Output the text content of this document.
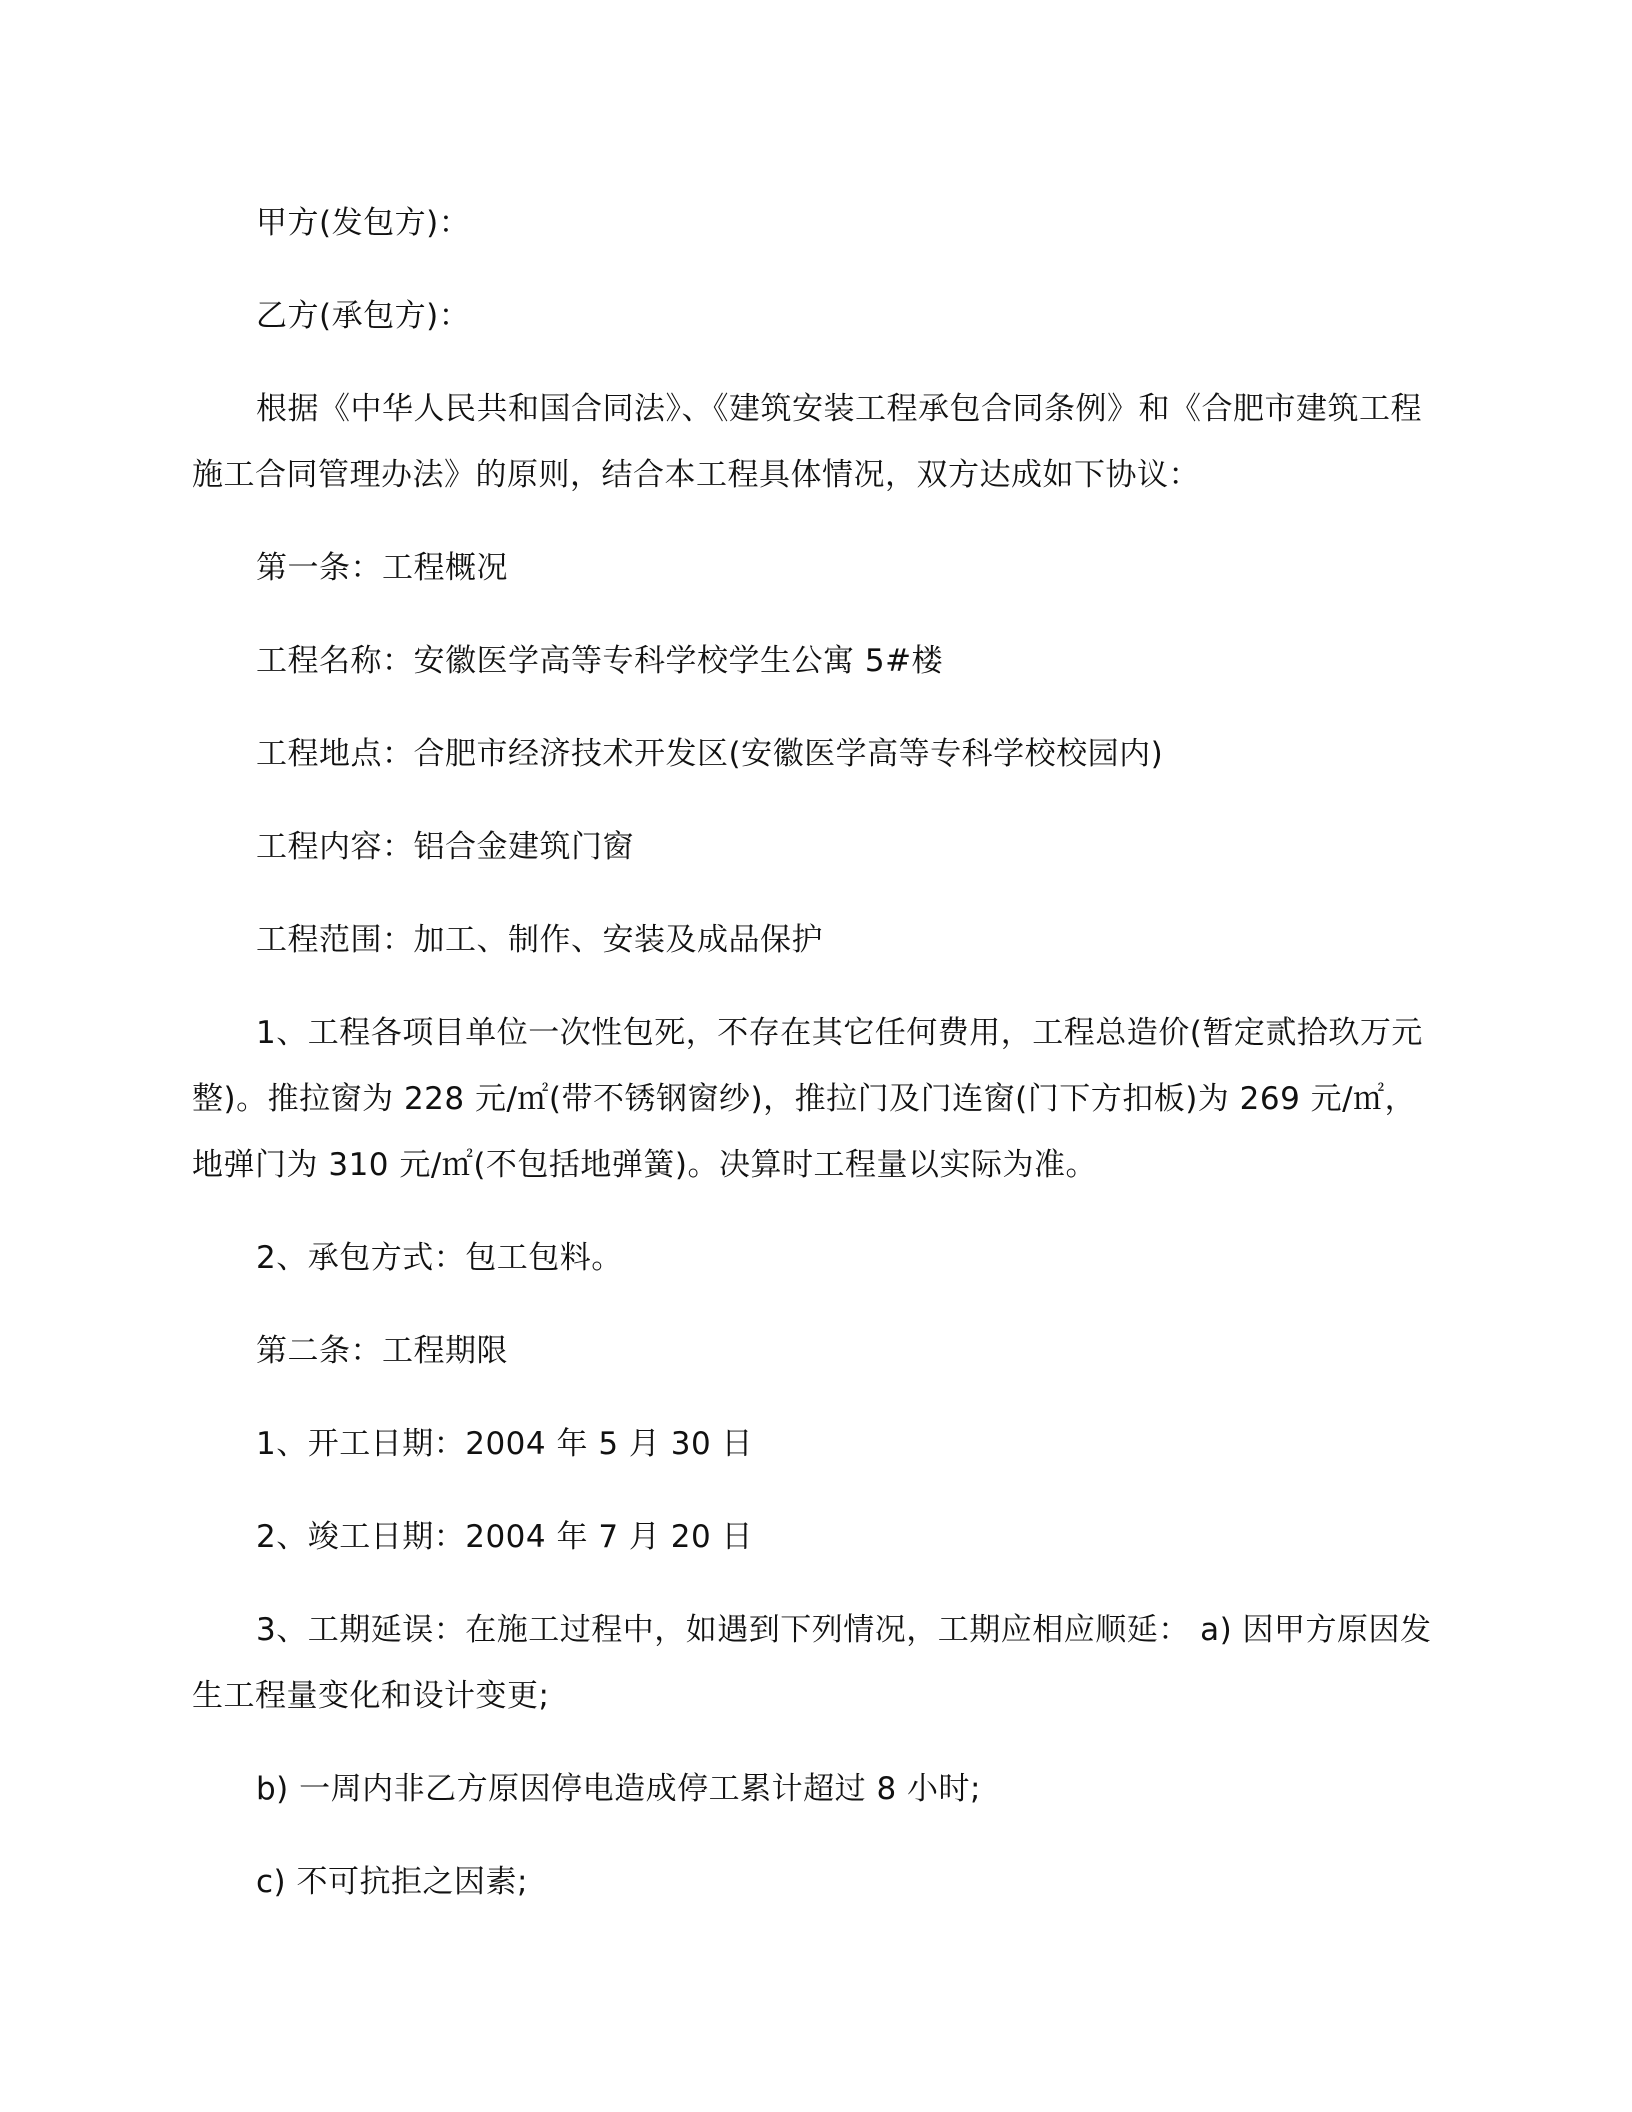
甲方(发包方)：

乙方(承包方)：

根据《中华人民共和国合同法》、《建筑安装工程承包合同条例》和《合肥市建筑工程施工合同管理办法》的原则，结合本工程具体情况，双方达成如下协议：

第一条：工程概况

工程名称：安徽医学高等专科学校学生公寓 5#楼

工程地点：合肥市经济技术开发区(安徽医学高等专科学校校园内)

工程内容：铝合金建筑门窗

工程范围：加工、制作、安装及成品保护

1、工程各项目单位一次性包死，不存在其它任何费用，工程总造价(暂定贰拾玖万元整)。推拉窗为 228 元/㎡(带不锈钢窗纱)，推拉门及门连窗(门下方扣板)为 269 元/㎡，地弹门为 310 元/㎡(不包括地弹簧)。决算时工程量以实际为准。

2、承包方式：包工包料。

第二条：工程期限

1、开工日期：2004 年 5 月 30 日

2、竣工日期：2004 年 7 月 20 日

3、工期延误：在施工过程中，如遇到下列情况，工期应相应顺延： a) 因甲方原因发生工程量变化和设计变更;

b) 一周内非乙方原因停电造成停工累计超过 8 小时;

c) 不可抗拒之因素;
